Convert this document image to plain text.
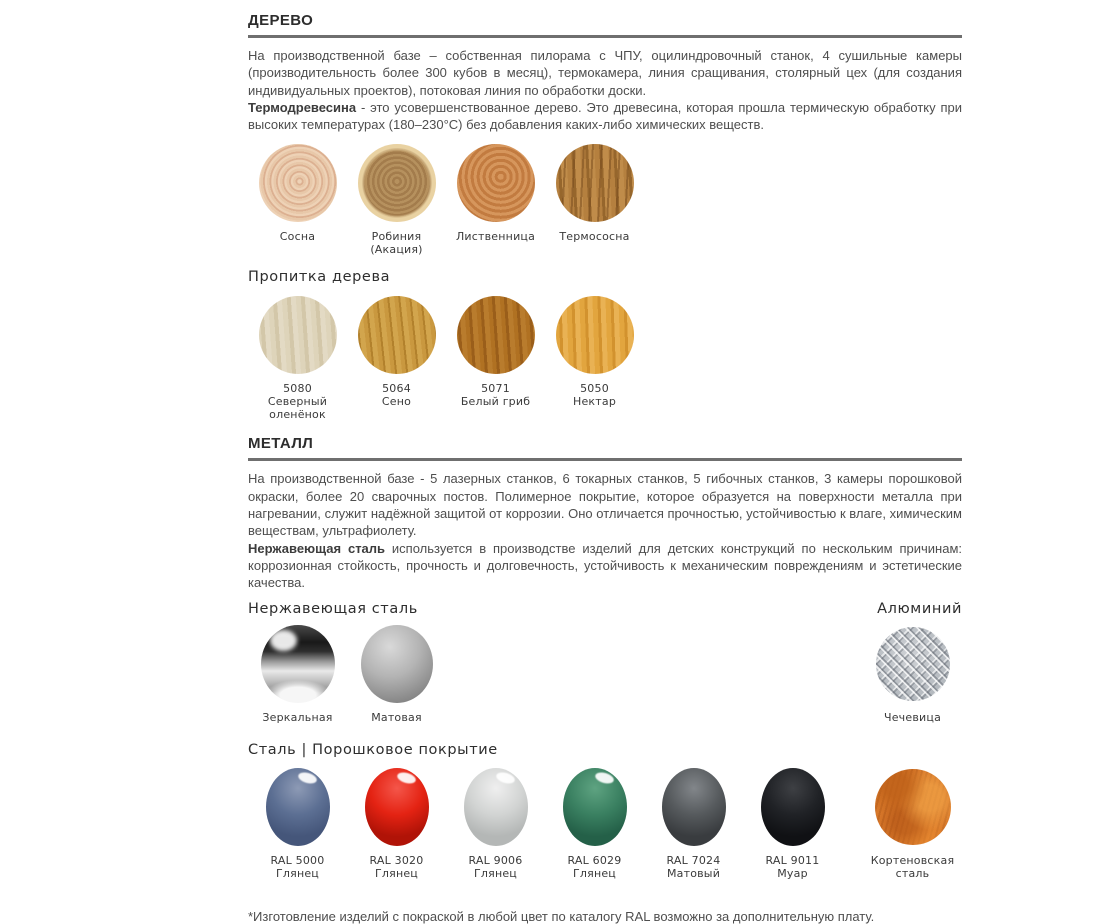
ДЕРЕВО

На производственной базе – собственная пилорама с ЧПУ, оцилиндровочный станок, 4 сушильные камеры (производительность более 300 кубов в месяц), термокамера, линия сращивания, столярный цех (для создания индивидуальных проектов), потоковая линия по обработки доски.

Термодревесина - это усовершенствованное дерево. Это древесина, которая прошла термическую обработку при высоких температурах (180–230°С) без добавления каких-либо химических веществ.

Сосна	Робиния (Акация)
Лиственница	Термососна
Пропитка дерева
5080
Северный
оленёнок
5064
Сено
5071
Белый гриб
5050
Нектар
МЕТАЛЛ

На производственной базе - 5 лазерных станков, 6 токарных станков, 5 гибочных станков, 3 камеры порошковой окраски, более 20 сварочных постов. Полимерное покрытие, которое образуется на поверхности металла при нагревании, служит надёжной защитой от коррозии. Оно отличается прочностью, устойчивостью к влаге, химическим веществам, ультрафиолету.

Нержавеющая сталь используется в производстве изделий для детских конструкций по нескольким причинам: коррозионная стойкость, прочность и долговечность, устойчивость к механическим повреждениям и эстетические качества.

Нержавеющая сталь	Алюминий
Зеркальная	Матовая	Чечевица
Сталь | Порошковое покрытие
RAL 5000
Глянец
RAL 3020
Глянец
RAL 9006
Глянец
RAL 6029
Глянец
RAL 7024
Матовый
RAL 9011
Муар
Кортеновская
сталь

*Изготовление изделий с покраской в любой цвет по каталогу RAL возможно за дополнительную плату.
